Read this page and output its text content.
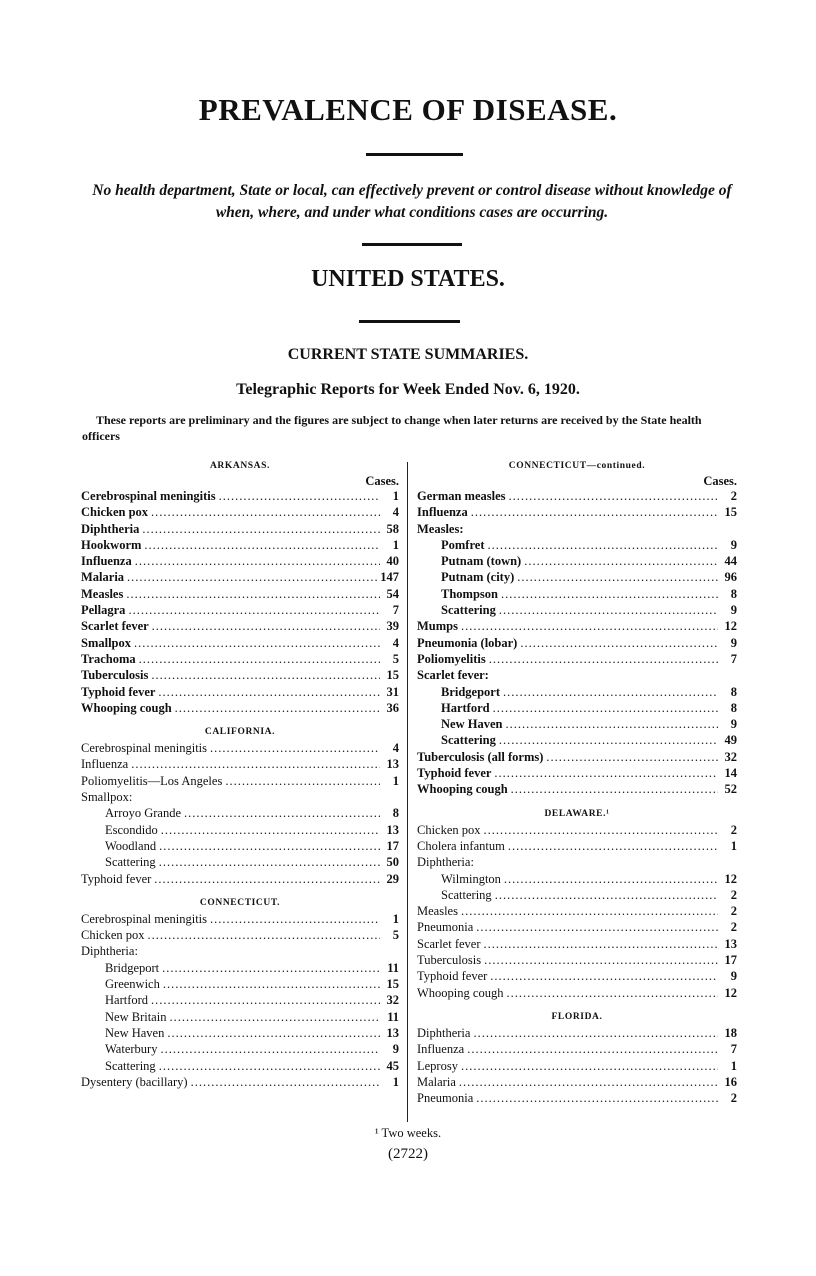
PREVALENCE OF DISEASE.
No health department, State or local, can effectively prevent or control disease without knowledge of when, where, and under what conditions cases are occurring.
UNITED STATES.
CURRENT STATE SUMMARIES.
Telegraphic Reports for Week Ended Nov. 6, 1920.
These reports are preliminary and the figures are subject to change when later returns are received by the State health officers
ARKANSAS.
Cases.
Cerebrospinal meningitis .....	1
Chicken pox .....	4
Diphtheria .....	58
Hookworm .....	1
Influenza .....	40
Malaria .....	147
Measles .....	54
Pellagra .....	7
Scarlet fever .....	39
Smallpox .....	4
Trachoma .....	5
Tuberculosis .....	15
Typhoid fever .....	31
Whooping cough .....	36
CALIFORNIA.
Cerebrospinal meningitis .....	4
Influenza .....	13
Poliomyelitis—Los Angeles .....	1
Smallpox:
Arroyo Grande .....	8
Escondido .....	13
Woodland .....	17
Scattering .....	50
Typhoid fever .....	29
CONNECTICUT.
Cerebrospinal meningitis .....	1
Chicken pox .....	5
Diphtheria:
Bridgeport .....	11
Greenwich .....	15
Hartford .....	32
New Britain .....	11
New Haven .....	13
Waterbury .....	9
Scattering .....	45
Dysentery (bacillary) .....	1
CONNECTICUT—continued.
Cases.
German measles .....	2
Influenza .....	15
Measles:
Pomfret .....	9
Putnam (town) .....	44
Putnam (city) .....	96
Thompson .....	8
Scattering .....	9
Mumps .....	12
Pneumonia (lobar) .....	9
Poliomyelitis .....	7
Scarlet fever:
Bridgeport .....	8
Hartford .....	8
New Haven .....	9
Scattering .....	49
Tuberculosis (all forms) .....	32
Typhoid fever .....	14
Whooping cough .....	52
DELAWARE.¹
Chicken pox .....	2
Cholera infantum .....	1
Diphtheria:
Wilmington .....	12
Scattering .....	2
Measles .....	2
Pneumonia .....	2
Scarlet fever .....	13
Tuberculosis .....	17
Typhoid fever .....	9
Whooping cough .....	12
FLORIDA.
Diphtheria .....	18
Influenza .....	7
Leprosy .....	1
Malaria .....	16
Pneumonia .....	2
¹ Two weeks.
(2722)
